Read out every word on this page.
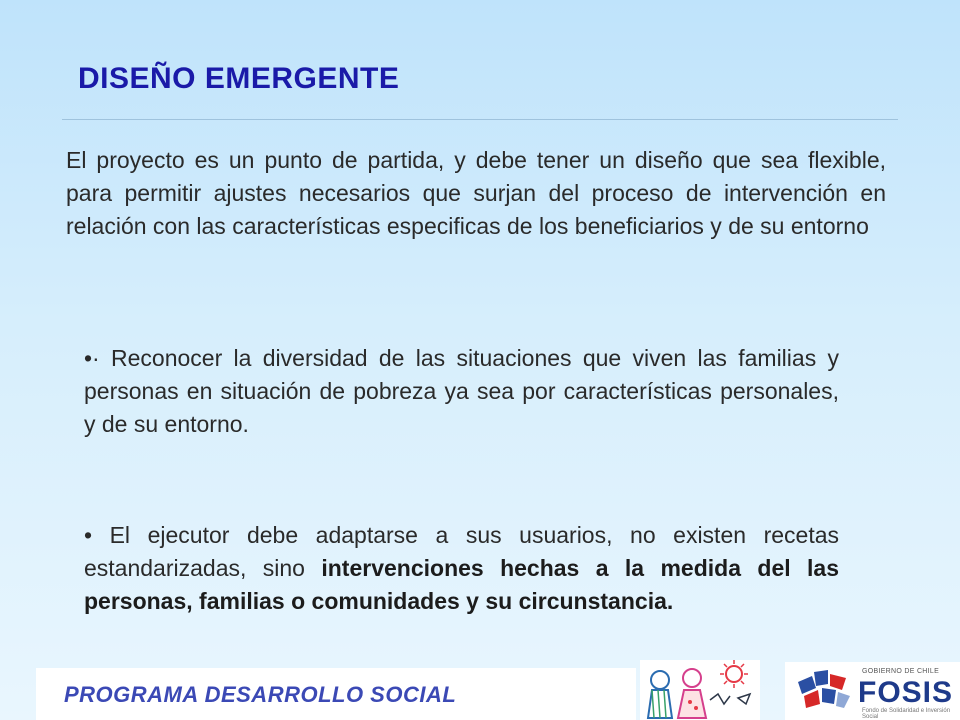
DISEÑO EMERGENTE
El proyecto es un punto de partida, y debe tener un diseño que sea flexible, para permitir ajustes necesarios que surjan del proceso de intervención en relación con las características especificas de los beneficiarios y de su entorno
•· Reconocer la diversidad de las situaciones que viven las familias y personas en situación de pobreza ya sea por características personales, y de su entorno.
• El ejecutor debe adaptarse a sus usuarios, no existen recetas estandarizadas, sino intervenciones hechas a la medida del las personas, familias o comunidades y su circunstancia.
PROGRAMA DESARROLLO SOCIAL
GOBIERNO DE CHILE
FOSIS
Fondo de Solidaridad e Inversión Social
